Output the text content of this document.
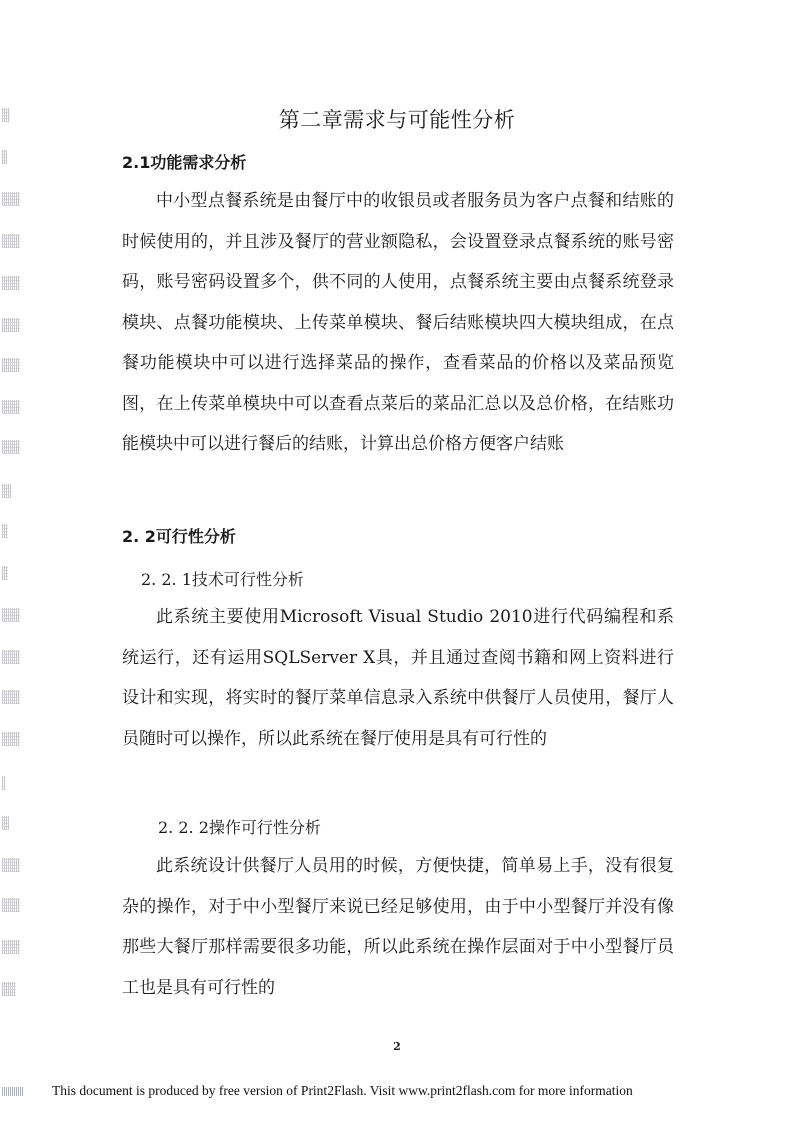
第二章需求与可能性分析
2.1功能需求分析

中小型点餐系统是由餐厅中的收银员或者服务员为客户点餐和结账的时候使用的，并且涉及餐厅的营业额隐私，会设置登录点餐系统的账号密码，账号密码设置多个，供不同的人使用，点餐系统主要由点餐系统登录模块、点餐功能模块、上传菜单模块、餐后结账模块四大模块组成，在点餐功能模块中可以进行选择菜品的操作，查看菜品的价格以及菜品预览图，在上传菜单模块中可以查看点菜后的菜品汇总以及总价格，在结账功能模块中可以进行餐后的结账，计算出总价格方便客户结账

2. 2可行性分析
2. 2. 1技术可行性分析

此系统主要使用Microsoft Visual Studio 2010进行代码编程和系统运行，还有运用SQLServer X具，并且通过查阅书籍和网上资料进行设计和实现，将实时的餐厅菜单信息录入系统中供餐厅人员使用，餐厅人员随时可以操作，所以此系统在餐厅使用是具有可行性的

2. 2. 2操作可行性分析

此系统设计供餐厅人员用的时候，方便快捷，简单易上手，没有很复杂的操作，对于中小型餐厅来说已经足够使用，由于中小型餐厅并没有像那些大餐厅那样需要很多功能，所以此系统在操作层面对于中小型餐厅员工也是具有可行性的

2
This document is produced by free version of Print2Flash. Visit www.print2flash.com for more information
